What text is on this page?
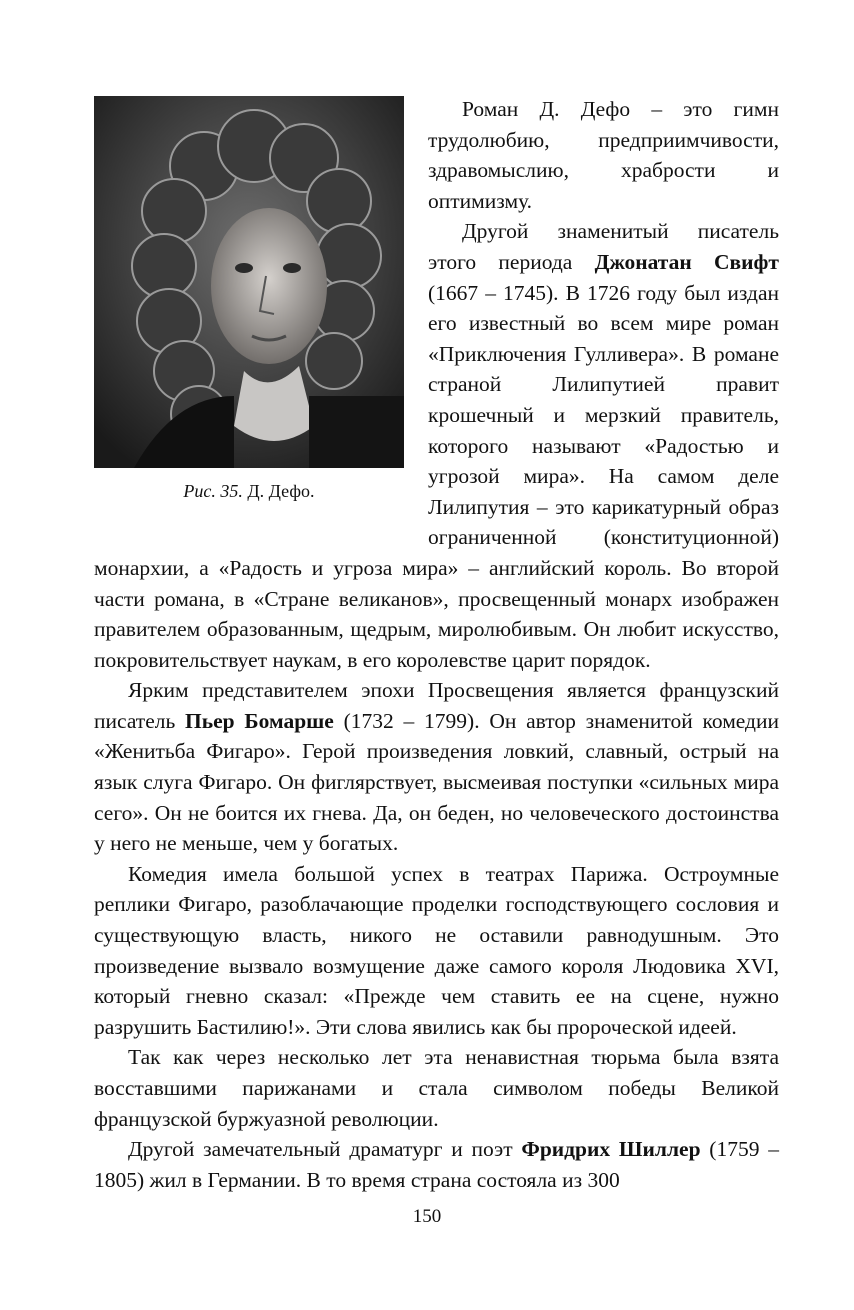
Рис. 35. Д. Дефо.

Роман Д. Дефо – это гимн трудолюбию, предприимчивости, здравомыслию, храбрости и оптимизму.

Другой знаменитый писатель этого периода Джонатан Свифт (1667 – 1745). В 1726 году был издан его известный во всем мире роман «Приключения Гулливера». В романе страной Лилипутией правит крошечный и мерзкий правитель, которого называют «Радостью и угрозой мира». На самом деле Лилипутия – это карикатурный образ ограниченной (конституционной) монархии, а «Радость и угроза мира» – английский король. Во второй части романа, в «Стране великанов», просвещенный монарх изображен правителем образованным, щедрым, миролюбивым. Он любит искусство, покровительствует наукам, в его королевстве царит порядок.

Ярким представителем эпохи Просвещения является французский писатель Пьер Бомарше (1732 – 1799). Он автор знаменитой комедии «Женитьба Фигаро». Герой произведения ловкий, славный, острый на язык слуга Фигаро. Он фиглярствует, высмеивая поступки «сильных мира сего». Он не боится их гнева. Да, он беден, но человеческого достоинства у него не меньше, чем у богатых.

Комедия имела большой успех в театрах Парижа. Остроумные реплики Фигаро, разоблачающие проделки господствующего сословия и существующую власть, никого не оставили равнодушным. Это произведение вызвало возмущение даже самого короля Людовика XVI, который гневно сказал: «Прежде чем ставить ее на сцене, нужно разрушить Бастилию!». Эти слова явились как бы пророческой идеей.

Так как через несколько лет эта ненавистная тюрьма была взята восставшими парижанами и стала символом победы Великой французской буржуазной революции.

Другой замечательный драматург и поэт Фридрих Шиллер (1759 –1805) жил в Германии. В то время страна состояла из 300

150
